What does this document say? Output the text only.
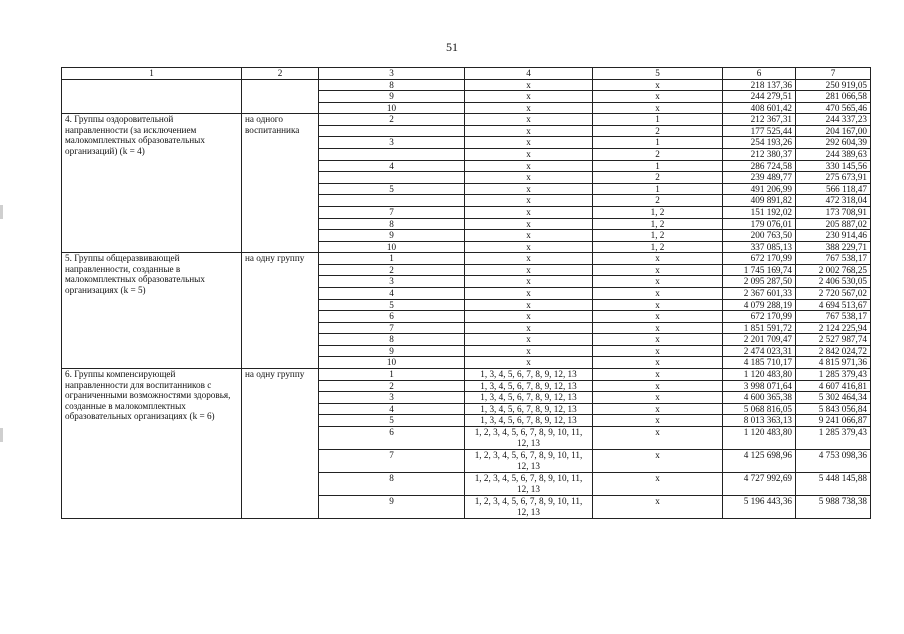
51
1	2	3	4	5	6	7
		8	x	x	218 137,36	250 919,05
		9	x	x	244 279,51	281 066,58
		10	x	x	408 601,42	470 565,46
4. Группы оздоровительной направленности (за исключением малокомплектных образовательных организаций) (k = 4)	на одного воспитанника	2	x	1	212 367,31	244 337,23
			x	2	177 525,44	204 167,00
		3	x	1	254 193,26	292 604,39
			x	2	212 380,37	244 389,63
		4	x	1	286 724,58	330 145,56
			x	2	239 489,77	275 673,91
		5	x	1	491 206,99	566 118,47
			x	2	409 891,82	472 318,04
		7	x	1, 2	151 192,02	173 708,91
		8	x	1, 2	179 076,01	205 887,02
		9	x	1, 2	200 763,50	230 914,46
		10	x	1, 2	337 085,13	388 229,71
5. Группы общеразвивающей направленности, созданные в малокомплектных образовательных организациях (k = 5)	на одну группу	1	x	x	672 170,99	767 538,17
		2	x	x	1 745 169,74	2 002 768,25
		3	x	x	2 095 287,50	2 406 530,05
		4	x	x	2 367 601,33	2 720 567,02
		5	x	x	4 079 288,19	4 694 513,67
		6	x	x	672 170,99	767 538,17
		7	x	x	1 851 591,72	2 124 225,94
		8	x	x	2 201 709,47	2 527 987,74
		9	x	x	2 474 023,31	2 842 024,72
		10	x	x	4 185 710,17	4 815 971,36
6. Группы компенсирующей направленности для воспитанников с ограниченными возможностями здоровья, созданные в малокомплектных образовательных организациях (k = 6)	на одну группу	1	1, 3, 4, 5, 6, 7, 8, 9, 12, 13	x	1 120 483,80	1 285 379,43
		2	1, 3, 4, 5, 6, 7, 8, 9, 12, 13	x	3 998 071,64	4 607 416,81
		3	1, 3, 4, 5, 6, 7, 8, 9, 12, 13	x	4 600 365,38	5 302 464,34
		4	1, 3, 4, 5, 6, 7, 8, 9, 12, 13	x	5 068 816,05	5 843 056,84
		5	1, 3, 4, 5, 6, 7, 8, 9, 12, 13	x	8 013 363,13	9 241 066,87
		6	1, 2, 3, 4, 5, 6, 7, 8, 9, 10, 11, 12, 13	x	1 120 483,80	1 285 379,43
		7	1, 2, 3, 4, 5, 6, 7, 8, 9, 10, 11, 12, 13	x	4 125 698,96	4 753 098,36
		8	1, 2, 3, 4, 5, 6, 7, 8, 9, 10, 11, 12, 13	x	4 727 992,69	5 448 145,88
		9	1, 2, 3, 4, 5, 6, 7, 8, 9, 10, 11, 12, 13	x	5 196 443,36	5 988 738,38
